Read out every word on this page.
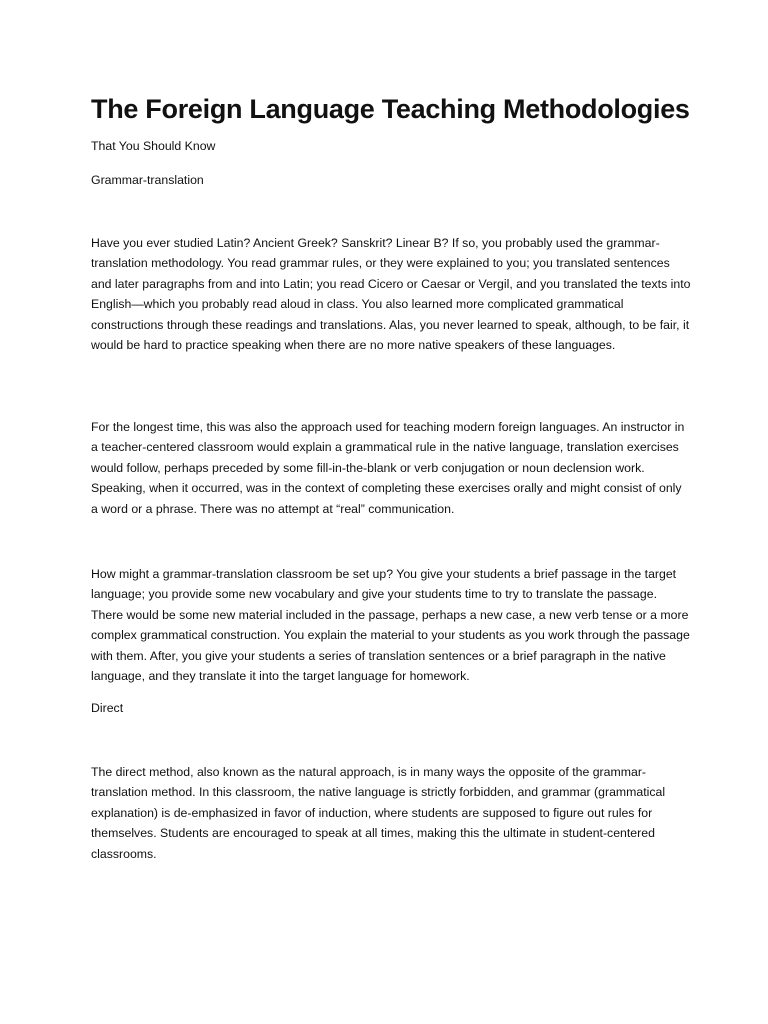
The Foreign Language Teaching Methodologies

That You Should Know

Grammar-translation

Have you ever studied Latin? Ancient Greek? Sanskrit? Linear B? If so, you probably used the grammar-translation methodology. You read grammar rules, or they were explained to you; you translated sentences and later paragraphs from and into Latin; you read Cicero or Caesar or Vergil, and you translated the texts into English—which you probably read aloud in class. You also learned more complicated grammatical constructions through these readings and translations. Alas, you never learned to speak, although, to be fair, it would be hard to practice speaking when there are no more native speakers of these languages.

For the longest time, this was also the approach used for teaching modern foreign languages. An instructor in a teacher-centered classroom would explain a grammatical rule in the native language, translation exercises would follow, perhaps preceded by some fill-in-the-blank or verb conjugation or noun declension work. Speaking, when it occurred, was in the context of completing these exercises orally and might consist of only a word or a phrase. There was no attempt at “real” communication.

How might a grammar-translation classroom be set up? You give your students a brief passage in the target language; you provide some new vocabulary and give your students time to try to translate the passage. There would be some new material included in the passage, perhaps a new case, a new verb tense or a more complex grammatical construction. You explain the material to your students as you work through the passage with them. After, you give your students a series of translation sentences or a brief paragraph in the native language, and they translate it into the target language for homework.

Direct

The direct method, also known as the natural approach, is in many ways the opposite of the grammar-translation method. In this classroom, the native language is strictly forbidden, and grammar (grammatical explanation) is de-emphasized in favor of induction, where students are supposed to figure out rules for themselves. Students are encouraged to speak at all times, making this the ultimate in student-centered classrooms.
